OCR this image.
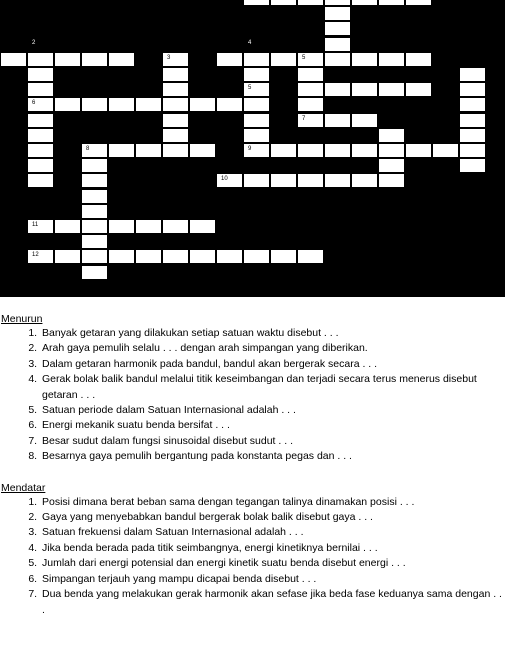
2	4
3	3	4	5
6
5
6
7
7
8	9
10
11
12
Menurun
1. Banyak getaran yang dilakukan setiap satuan waktu disebut . . .
2. Arah gaya pemulih selalu . . . dengan arah simpangan yang diberikan.
3. Dalam getaran harmonik pada bandul, bandul akan bergerak secara . . .
4. Gerak bolak balik bandul melalui titik keseimbangan dan terjadi secara terus menerus disebut getaran . . .
5. Satuan periode dalam Satuan Internasional adalah . . .
6. Energi mekanik suatu benda bersifat . . .
7. Besar sudut dalam fungsi sinusoidal disebut sudut . . .
8. Besarnya gaya pemulih bergantung pada konstanta pegas dan . . .
Mendatar
1. Posisi dimana berat beban sama dengan tegangan talinya dinamakan posisi . . .
2. Gaya yang menyebabkan bandul bergerak bolak balik disebut gaya . . .
3. Satuan frekuensi dalam Satuan Internasional adalah . . .
4. Jika benda berada pada titik seimbangnya, energi kinetiknya bernilai . . .
5. Jumlah dari energi potensial dan energi kinetik suatu benda disebut energi . . .
6. Simpangan terjauh yang mampu dicapai benda disebut . . .
7. Dua benda yang melakukan gerak harmonik akan sefase jika beda fase keduanya sama dengan . . .
